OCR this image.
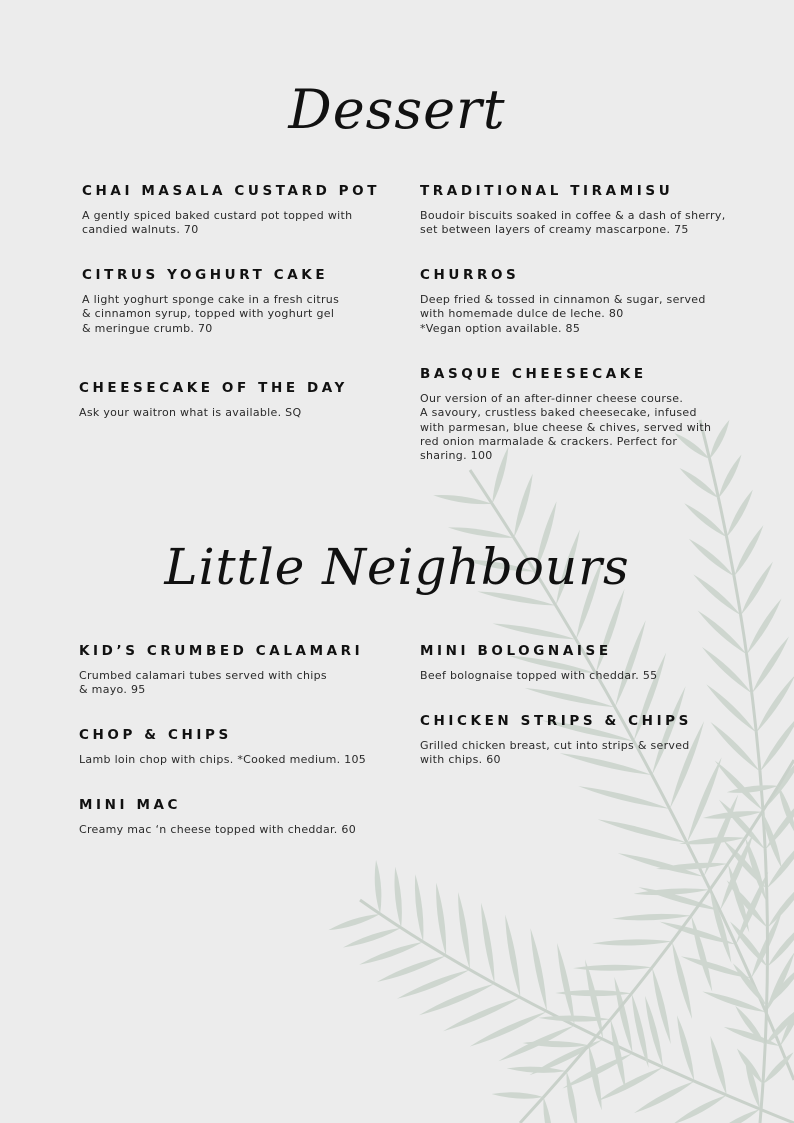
Dessert
CHAI MASALA CUSTARD POT

A gently spiced baked custard pot topped with
candied walnuts. 70

TRADITIONAL TIRAMISU

Boudoir biscuits soaked in coffee & a dash of sherry,
set between layers of creamy mascarpone. 75

CITRUS YOGHURT CAKE

A light yoghurt sponge cake in a fresh citrus
& cinnamon syrup, topped with yoghurt gel
& meringue crumb. 70

CHURROS

Deep fried & tossed in cinnamon & sugar, served
with homemade dulce de leche. 80
*Vegan option available. 85

CHEESECAKE OF THE DAY

Ask your waitron what is available. SQ

BASQUE CHEESECAKE

Our version of an after-dinner cheese course.
A savoury, crustless baked cheesecake, infused
with parmesan, blue cheese & chives, served with
red onion marmalade & crackers. Perfect for
sharing. 100

Little Neighbours
KID’S CRUMBED CALAMARI

Crumbed calamari tubes served with chips
& mayo. 95

MINI BOLOGNAISE

Beef bolognaise topped with cheddar. 55

CHICKEN STRIPS & CHIPS

Grilled chicken breast, cut into strips & served
with chips. 60

CHOP & CHIPS

Lamb loin chop with chips. *Cooked medium. 105

MINI MAC

Creamy mac ‘n cheese topped with cheddar. 60
